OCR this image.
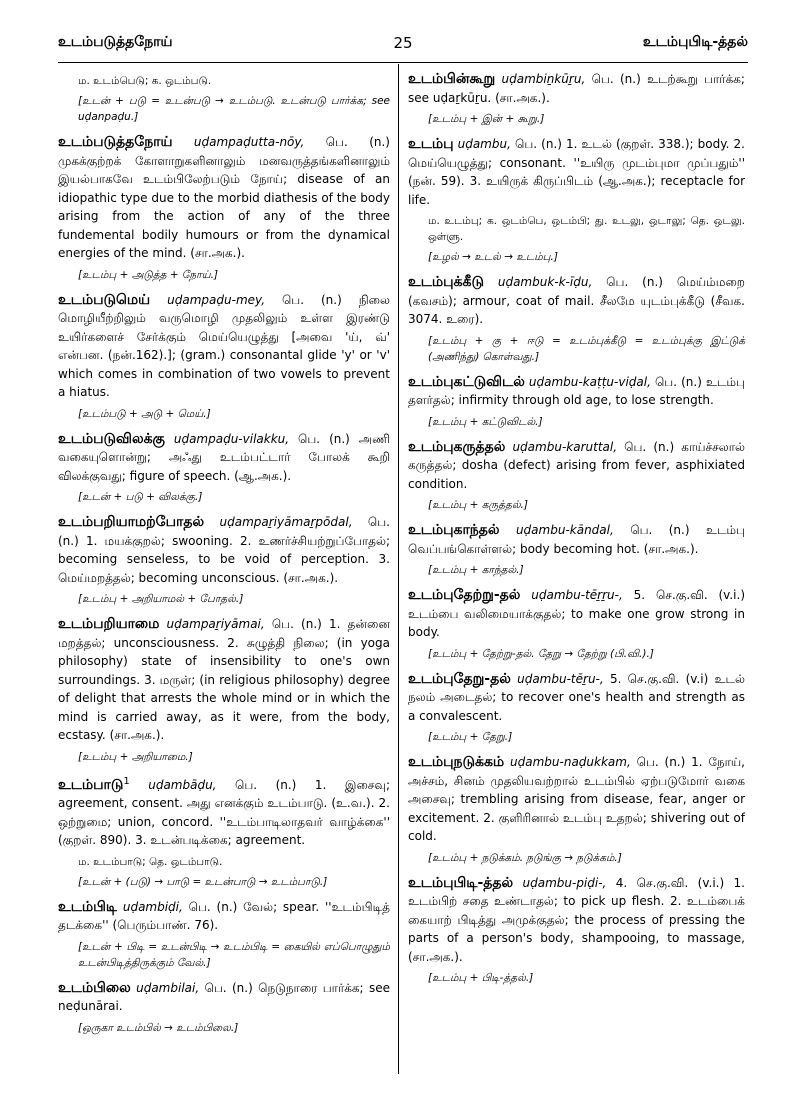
உடம்படுத்தநோய்	25	உடம்புபிடி-த்தல்
ம. உடம்பெடு; க. ஒடம்படு.
[உடன் + படு = உடன்படு → உடம்படு. உடன்படு பார்க்க; see uḍanpaḍu.]
உடம்படுத்தநோய் uḍampaḍutta-nōy, பெ. (n.) முகக்குற்றக் கோளாறுகளினாலும் மனவருத்தங்களினாலும் இயல்பாகவே உடம்பிலேற்படும் நோய்; disease of an idiopathic type due to the morbid diathesis of the body arising from the action of any of the three fundemental bodily humours or from the dynamical energies of the mind. (சா.அக.).
[உடம்பு + அடுத்த + நோய்.]
உடம்படுமெய் uḍampaḍu-mey, பெ. (n.) நிலை மொழியீற்றிலும் வருமொழி முதலிலும் உள்ள இரண்டு உயிர்களைச் சேர்க்கும் மெய்யெழுத்து [அவை 'ய், வ்' என்பன. (நன்.162).]; (gram.) consonantal glide 'y' or 'v' which comes in combination of two vowels to prevent a hiatus.
[உடம்படு + அடு + மெய்.]
உடம்படுவிலக்கு uḍampaḍu-vilakku, பெ. (n.) அணி வகையுளொன்று; அஃது உடம்பட்டார் போலக் கூறி விலக்குவது; figure of speech. (ஆ.அக.).
[உடன் + படு + விலக்கு.]
உடம்பறியாமற்போதல் uḍampaṟiyāmaṟpōdal, பெ. (n.) 1. மயக்குறல்; swooning. 2. உணர்ச்சியற்றுப்போதல்; becoming senseless, to be void of perception. 3. மெய்மறத்தல்; becoming unconscious. (சா.அக.).
[உடம்பு + அறியாமல் + போதல்.]
உடம்பறியாமை uḍampaṟiyāmai, பெ. (n.) 1. தன்னை மறத்தல்; unconsciousness. 2. சுழுத்தி நிலை; (in yoga philosophy) state of insensibility to one's own surroundings. 3. மருள்; (in religious philosophy) degree of delight that arrests the whole mind or in which the mind is carried away, as it were, from the body, ecstasy. (சா.அக.).
[உடம்பு + அறியாமை.]
உடம்பாடு$^1$ uḍambāḍu, பெ. (n.) 1. இசைவு; agreement, consent. அது எனக்கும் உடம்பாடு. (உ.வ.). 2. ஒற்றுமை; union, concord. ''உடம்பாடிலாதவர் வாழ்க்கை'' (குறள். 890). 3. உடன்படிக்கை; agreement.
ம. உடம்பாடு; தெ. ஒடம்பாடு.
[உடன் + (படு) → பாடு = உடன்பாடு → உடம்பாடு.]
உடம்பிடி uḍambiḍi, பெ. (n.) வேல்; spear. ''உடம்பிடித் தடக்கை'' (பெரும்பாண். 76).
[உடன் + பிடி = உடன்பிடி → உடம்பிடி = கையில் எப்பொழுதும் உடன்பிடித்திருக்கும் வேல்.]
உடம்பிலை uḍambilai, பெ. (n.) நெடுநாரை பார்க்க; see neḍunārai.
[ஒருகா உடம்பில் → உடம்பிலை.]
உடம்பின்கூறு uḍambiṉkūṟu, பெ. (n.) உடற்கூறு பார்க்க; see uḍaṟkūṟu. (சா.அக.).
[உடம்பு + இன் + கூறு.]
உடம்பு uḍambu, பெ. (n.) 1. உடல் (குறள். 338.); body. 2. மெய்யெழுத்து; consonant. ''உயிரு முடம்புமா முப்பதும்'' (நன். 59). 3. உயிருக் கிருப்பிடம் (ஆ.அக.); receptacle for life.
ம. உடம்பு; க. ஒடம்பெ, ஒடம்பி; து. உடலு, ஒடாலு; தெ. ஒடலு. ஒள்ளு.
[உழல் → உடல் → உடம்பு.]
உடம்புக்கீடு uḍambuk-k-īḍu, பெ. (n.) மெய்ம்மறை (கவசம்); armour, coat of mail. சீலமே யுடம்புக்கீடு (சீவக. 3074. உரை).
[உடம்பு + கு + ஈடு = உடம்புக்கீடு = உடம்புக்கு இட்டுக் (அணிந்து) கொள்வது.]
உடம்புகட்டுவிடல் uḍambu-kaṭṭu-viḍal, பெ. (n.) உடம்பு தளர்தல்; infirmity through old age, to lose strength.
[உடம்பு + கட்டுவிடல்.]
உடம்புகருத்தல் uḍambu-karuttal, பெ. (n.) காய்ச்சலால் கருத்தல்; dosha (defect) arising from fever, asphixiated condition.
[உடம்பு + கருத்தல்.]
உடம்புகாந்தல் uḍambu-kāndal, பெ. (n.) உடம்பு வெப்பங்கொள்ளல்; body becoming hot. (சா.அக.).
[உடம்பு + காந்தல்.]
உடம்புதேற்று-தல் uḍambu-tēṟṟu-, 5. செ.கு.வி. (v.i.) உடம்பை வலிமையாக்குதல்; to make one grow strong in body.
[உடம்பு + தேற்று-தல். தேறு → தேற்று (பி.வி.).]
உடம்புதேறு-தல் uḍambu-tēṟu-, 5. செ.கு.வி. (v.i) உடல் நலம் அடைதல்; to recover one's health and strength as a convalescent.
[உடம்பு + தேறு.]
உடம்புநடுக்கம் uḍambu-naḍukkam, பெ. (n.) 1. நோய், அச்சம், சினம் முதலியவற்றால் உடம்பில் ஏற்படுமோர் வகை அசைவு; trembling arising from disease, fear, anger or excitement. 2. குளிரினால் உடம்பு உதறல்; shivering out of cold.
[உடம்பு + நடுக்கம். நடுங்கு → நடுக்கம்.]
உடம்புபிடி-த்தல் uḍambu-piḍi-, 4. செ.கு.வி. (v.i.) 1. உடம்பிற் சதை உண்டாதல்; to pick up flesh. 2. உடம்பைக் கையாற் பிடித்து அமுக்குதல்; the process of pressing the parts of a person's body, shampooing, to massage, (சா.அக.).
[உடம்பு + பிடி-த்தல்.]
